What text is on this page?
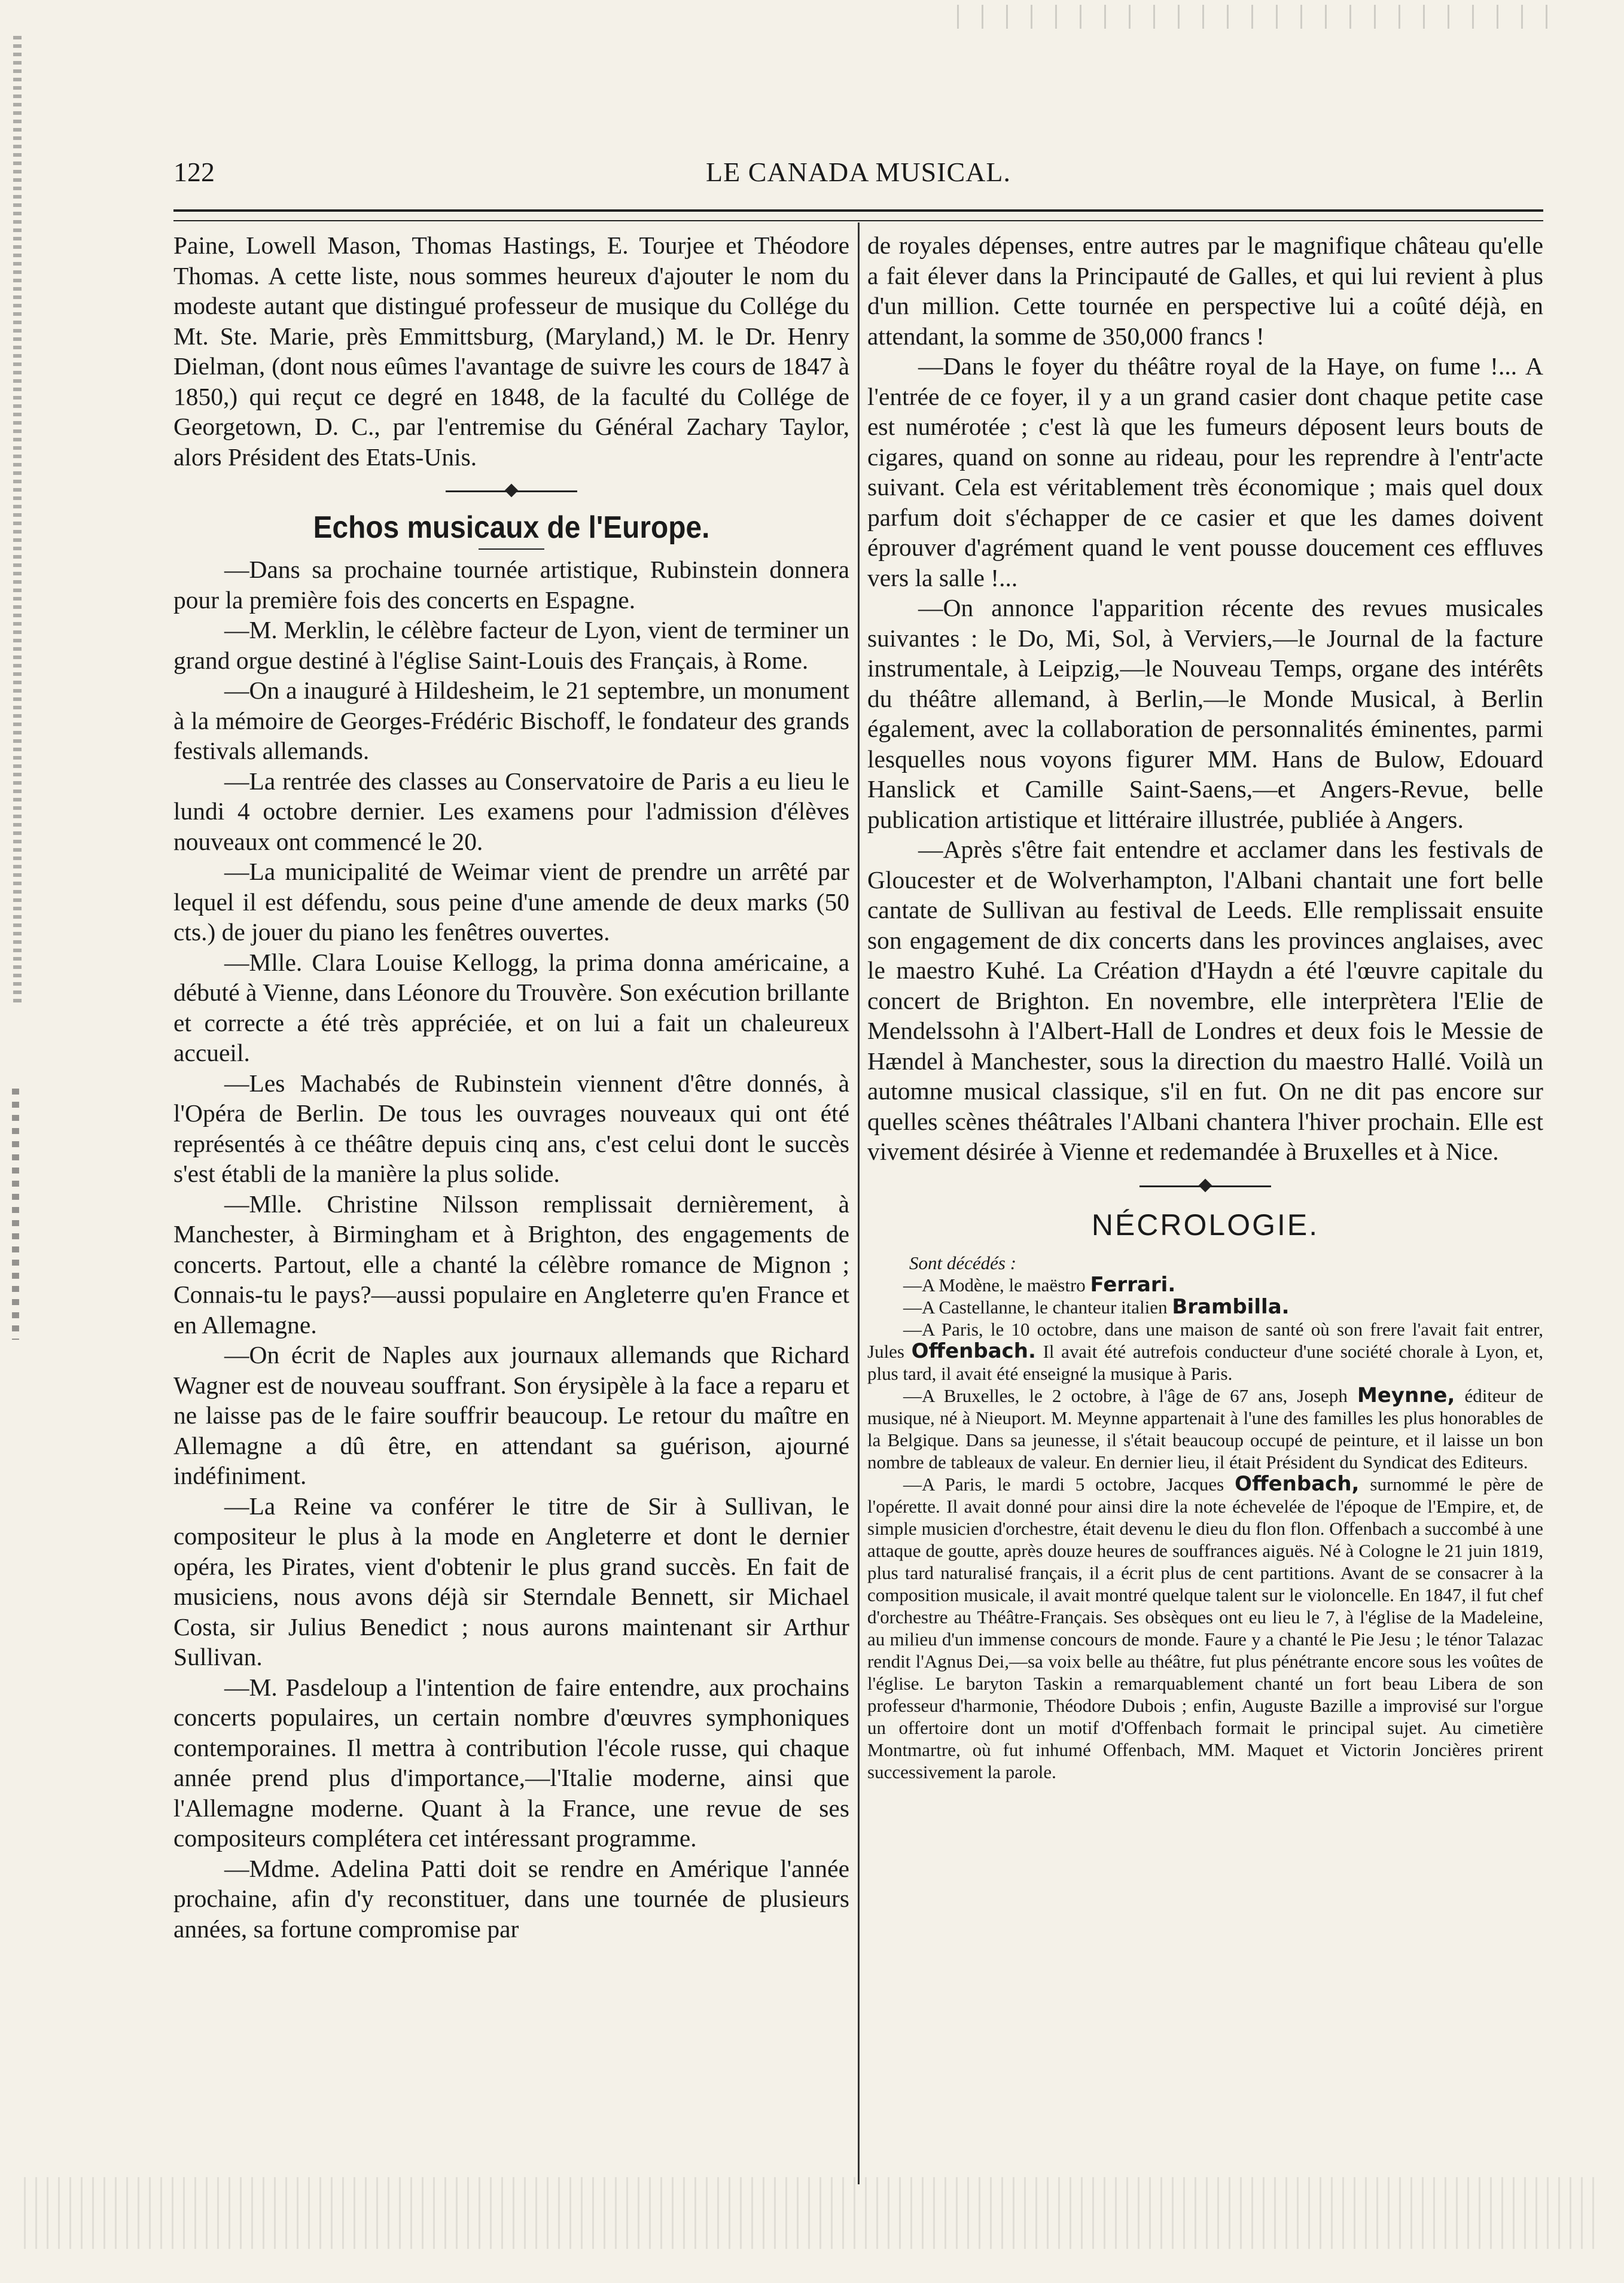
122	LE CANADA MUSICAL.

Paine, Lowell Mason, Thomas Hastings, E. Tourjee et Théodore Thomas. A cette liste, nous sommes heureux d'ajouter le nom du modeste autant que distingué professeur de musique du Collége du Mt. Ste. Marie, près Emmittsburg, (Maryland,) M. le Dr. Henry Dielman, (dont nous eûmes l'avantage de suivre les cours de 1847 à 1850,) qui reçut ce degré en 1848, de la faculté du Collége de Georgetown, D. C., par l'entremise du Général Zachary Taylor, alors Président des Etats-Unis.

Echos musicaux de l'Europe.

—Dans sa prochaine tournée artistique, Rubinstein donnera pour la première fois des concerts en Espagne.

—M. Merklin, le célèbre facteur de Lyon, vient de terminer un grand orgue destiné à l'église Saint-Louis des Français, à Rome.

—On a inauguré à Hildesheim, le 21 septembre, un monument à la mémoire de Georges-Frédéric Bischoff, le fondateur des grands festivals allemands.

—La rentrée des classes au Conservatoire de Paris a eu lieu le lundi 4 octobre dernier. Les examens pour l'admission d'élèves nouveaux ont commencé le 20.

—La municipalité de Weimar vient de prendre un arrêté par lequel il est défendu, sous peine d'une amende de deux marks (50 cts.) de jouer du piano les fenêtres ouvertes.

—Mlle. Clara Louise Kellogg, la prima donna américaine, a débuté à Vienne, dans Léonore du Trouvère. Son exécution brillante et correcte a été très appréciée, et on lui a fait un chaleureux accueil.

—Les Machabés de Rubinstein viennent d'être donnés, à l'Opéra de Berlin. De tous les ouvrages nouveaux qui ont été représentés à ce théâtre depuis cinq ans, c'est celui dont le succès s'est établi de la manière la plus solide.

—Mlle. Christine Nilsson remplissait dernièrement, à Manchester, à Birmingham et à Brighton, des engagements de concerts. Partout, elle a chanté la célèbre romance de Mignon ; Connais-tu le pays?—aussi populaire en Angleterre qu'en France et en Allemagne.

—On écrit de Naples aux journaux allemands que Richard Wagner est de nouveau souffrant. Son érysipèle à la face a reparu et ne laisse pas de le faire souffrir beaucoup. Le retour du maître en Allemagne a dû être, en attendant sa guérison, ajourné indéfiniment.

—La Reine va conférer le titre de Sir à Sullivan, le compositeur le plus à la mode en Angleterre et dont le dernier opéra, les Pirates, vient d'obtenir le plus grand succès. En fait de musiciens, nous avons déjà sir Sterndale Bennett, sir Michael Costa, sir Julius Benedict ; nous aurons maintenant sir Arthur Sullivan.

—M. Pasdeloup a l'intention de faire entendre, aux prochains concerts populaires, un certain nombre d'œuvres symphoniques contemporaines. Il mettra à contribution l'école russe, qui chaque année prend plus d'importance,—l'Italie moderne, ainsi que l'Allemagne moderne. Quant à la France, une revue de ses compositeurs complétera cet intéressant programme.

—Mdme. Adelina Patti doit se rendre en Amérique l'année prochaine, afin d'y reconstituer, dans une tournée de plusieurs années, sa fortune compromise par

de royales dépenses, entre autres par le magnifique château qu'elle a fait élever dans la Principauté de Galles, et qui lui revient à plus d'un million. Cette tournée en perspective lui a coûté déjà, en attendant, la somme de 350,000 francs !

—Dans le foyer du théâtre royal de la Haye, on fume !... A l'entrée de ce foyer, il y a un grand casier dont chaque petite case est numérotée ; c'est là que les fumeurs déposent leurs bouts de cigares, quand on sonne au rideau, pour les reprendre à l'entr'acte suivant. Cela est véritablement très économique ; mais quel doux parfum doit s'échapper de ce casier et que les dames doivent éprouver d'agrément quand le vent pousse doucement ces effluves vers la salle !...

—On annonce l'apparition récente des revues musicales suivantes : le Do, Mi, Sol, à Verviers,—le Journal de la facture instrumentale, à Leipzig,—le Nouveau Temps, organe des intérêts du théâtre allemand, à Berlin,—le Monde Musical, à Berlin également, avec la collaboration de personnalités éminentes, parmi lesquelles nous voyons figurer MM. Hans de Bulow, Edouard Hanslick et Camille Saint-Saens,—et Angers-Revue, belle publication artistique et littéraire illustrée, publiée à Angers.

—Après s'être fait entendre et acclamer dans les festivals de Gloucester et de Wolverhampton, l'Albani chantait une fort belle cantate de Sullivan au festival de Leeds. Elle remplissait ensuite son engagement de dix concerts dans les provinces anglaises, avec le maestro Kuhé. La Création d'Haydn a été l'œuvre capitale du concert de Brighton. En novembre, elle interprètera l'Elie de Mendelssohn à l'Albert-Hall de Londres et deux fois le Messie de Hændel à Manchester, sous la direction du maestro Hallé. Voilà un automne musical classique, s'il en fut. On ne dit pas encore sur quelles scènes théâtrales l'Albani chantera l'hiver prochain. Elle est vivement désirée à Vienne et redemandée à Bruxelles et à Nice.

NÉCROLOGIE.

Sont décédés :

—A Modène, le maëstro Ferrari.

—A Castellanne, le chanteur italien Brambilla.

—A Paris, le 10 octobre, dans une maison de santé où son frere l'avait fait entrer, Jules Offenbach. Il avait été autrefois conducteur d'une société chorale à Lyon, et, plus tard, il avait été enseigné la musique à Paris.

—A Bruxelles, le 2 octobre, à l'âge de 67 ans, Joseph Meynne, éditeur de musique, né à Nieuport. M. Meynne appartenait à l'une des familles les plus honorables de la Belgique. Dans sa jeunesse, il s'était beaucoup occupé de peinture, et il laisse un bon nombre de tableaux de valeur. En dernier lieu, il était Président du Syndicat des Editeurs.

—A Paris, le mardi 5 octobre, Jacques Offenbach, surnommé le père de l'opérette. Il avait donné pour ainsi dire la note échevelée de l'époque de l'Empire, et, de simple musicien d'orchestre, était devenu le dieu du flon flon. Offenbach a succombé à une attaque de goutte, après douze heures de souffrances aiguës. Né à Cologne le 21 juin 1819, plus tard naturalisé français, il a écrit plus de cent partitions. Avant de se consacrer à la composition musicale, il avait montré quelque talent sur le violoncelle. En 1847, il fut chef d'orchestre au Théâtre-Français. Ses obsèques ont eu lieu le 7, à l'église de la Madeleine, au milieu d'un immense concours de monde. Faure y a chanté le Pie Jesu ; le ténor Talazac rendit l'Agnus Dei,—sa voix belle au théâtre, fut plus pénétrante encore sous les voûtes de l'église. Le baryton Taskin a remarquablement chanté un fort beau Libera de son professeur d'harmonie, Théodore Dubois ; enfin, Auguste Bazille a improvisé sur l'orgue un offertoire dont un motif d'Offenbach formait le principal sujet. Au cimetière Montmartre, où fut inhumé Offenbach, MM. Maquet et Victorin Joncières prirent successivement la parole.
